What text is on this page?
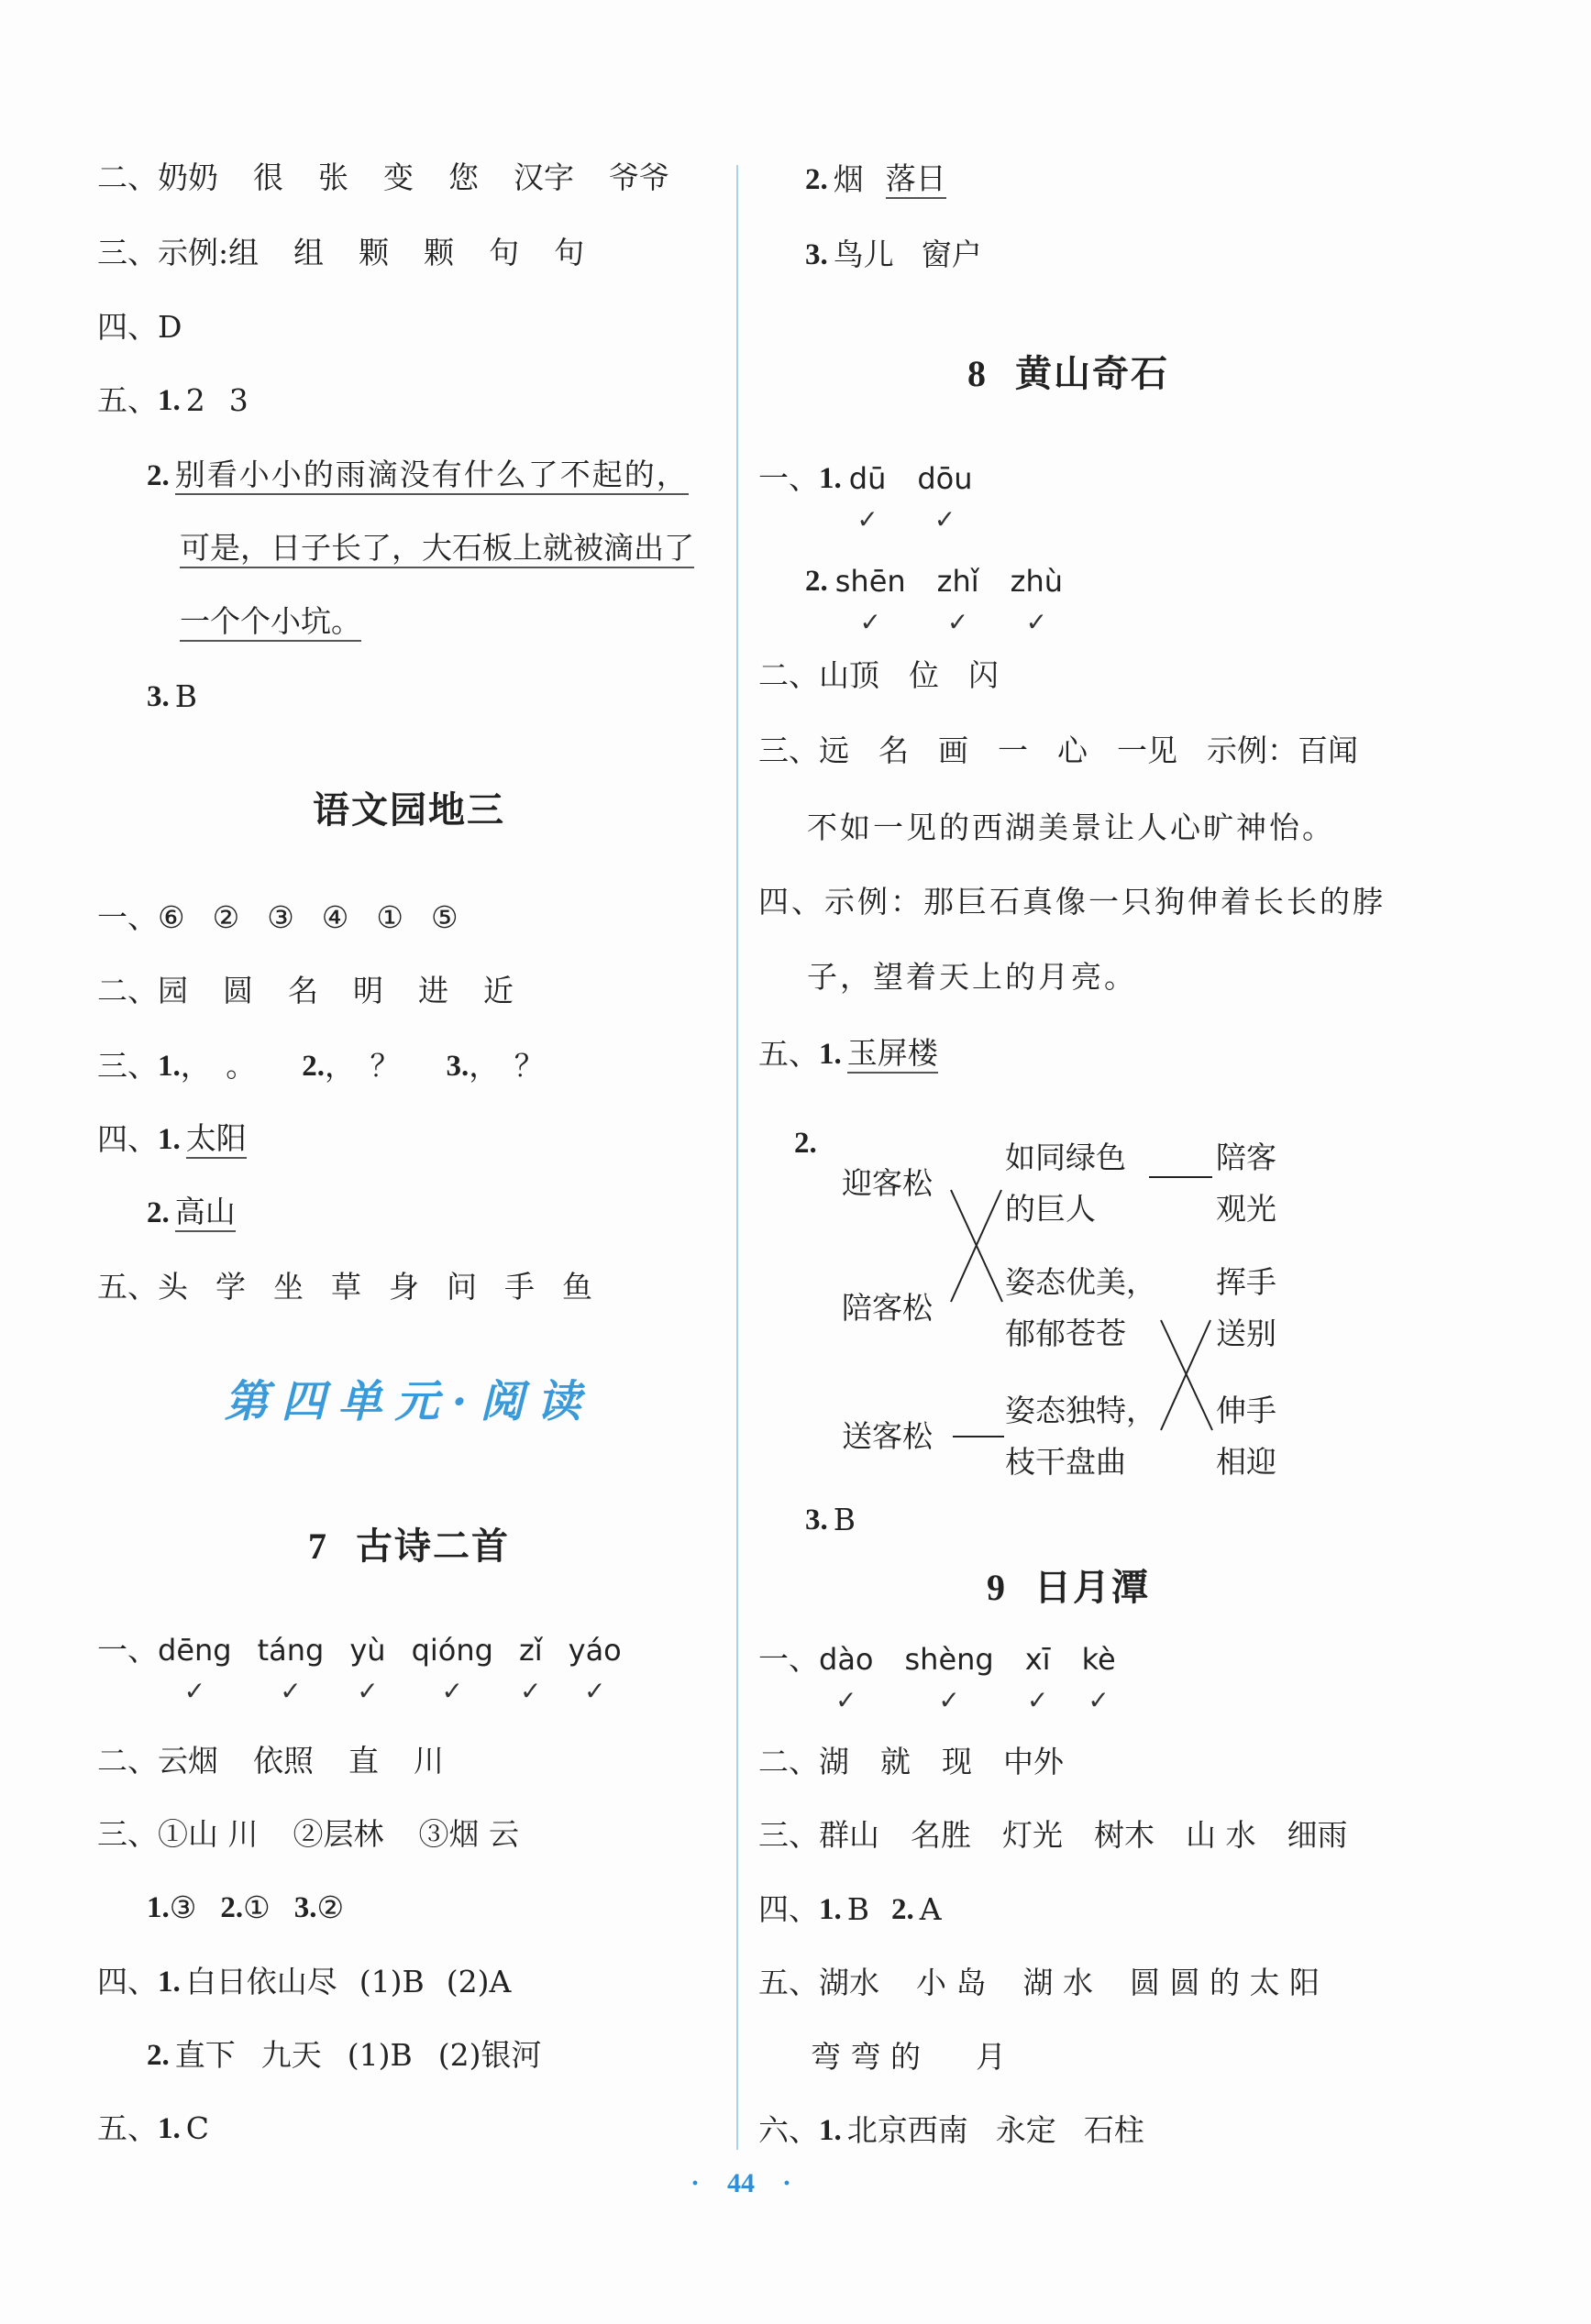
二、 奶奶 很 张 变 您 汉字 爷爷
三、示例: 组 组 颗 颗 句 句
四、 D
五、 1. 2 3
2. 别看小小的雨滴没有什么了不起的，
可是，日子长了，大石板上就被滴出了
一个个小坑。
3. B
语文园地三
一、 ⑥ ② ③ ④ ① ⑤
二、 园 圆 名 明 进 近
三、 1. ，　。 2. ，　？ 3. ，　？
四、 1. 太阳
2. 高山
五、 头 学 坐 草 身 问 手 鱼
第四单元·阅读
7 古诗二首
一、 dēng
✓
táng
✓
yù
✓
qióng
✓
zǐ
✓
yáo
✓
二、 云烟 依照 直 川
三、 ①山 川 ②层林 ③烟 云
1. ③ 2. ① 3. ②
四、 1. 白日依山尽 (1)B (2)A
2. 直下 九天 (1)B (2)银河
五、 1. C
2. 烟 落日
3. 鸟儿 窗户
8 黄山奇石
一、 1. dū
✓
dōu
✓
2. shēn
✓
zhǐ
✓
zhù
✓
二、 山顶 位 闪
三、 远 名 画 一 心 一见 示例：百闻
不如一见的西湖美景让人心旷神怡。
四、 示例：那巨石真像一只狗伸着长长的脖
子，望着天上的月亮。
五、 1. 玉屏楼
2.
迎客松
陪客松
送客松
如同绿色
的巨人
姿态优美，
郁郁苍苍
姿态独特，
枝干盘曲
陪客
观光
挥手
送别
伸手
相迎
3. B
9 日月潭
一、 dào
✓
shèng
✓
xī
✓
kè
✓
二、 湖 就 现 中外
三、 群山 名胜 灯光 树木 山 水 细雨
四、 1. B 2. A
五、 湖水 小 岛 湖 水 圆 圆 的 太 阳
弯 弯 的 月
六、 1. 北京西南 永定 石柱
· 44 ·
